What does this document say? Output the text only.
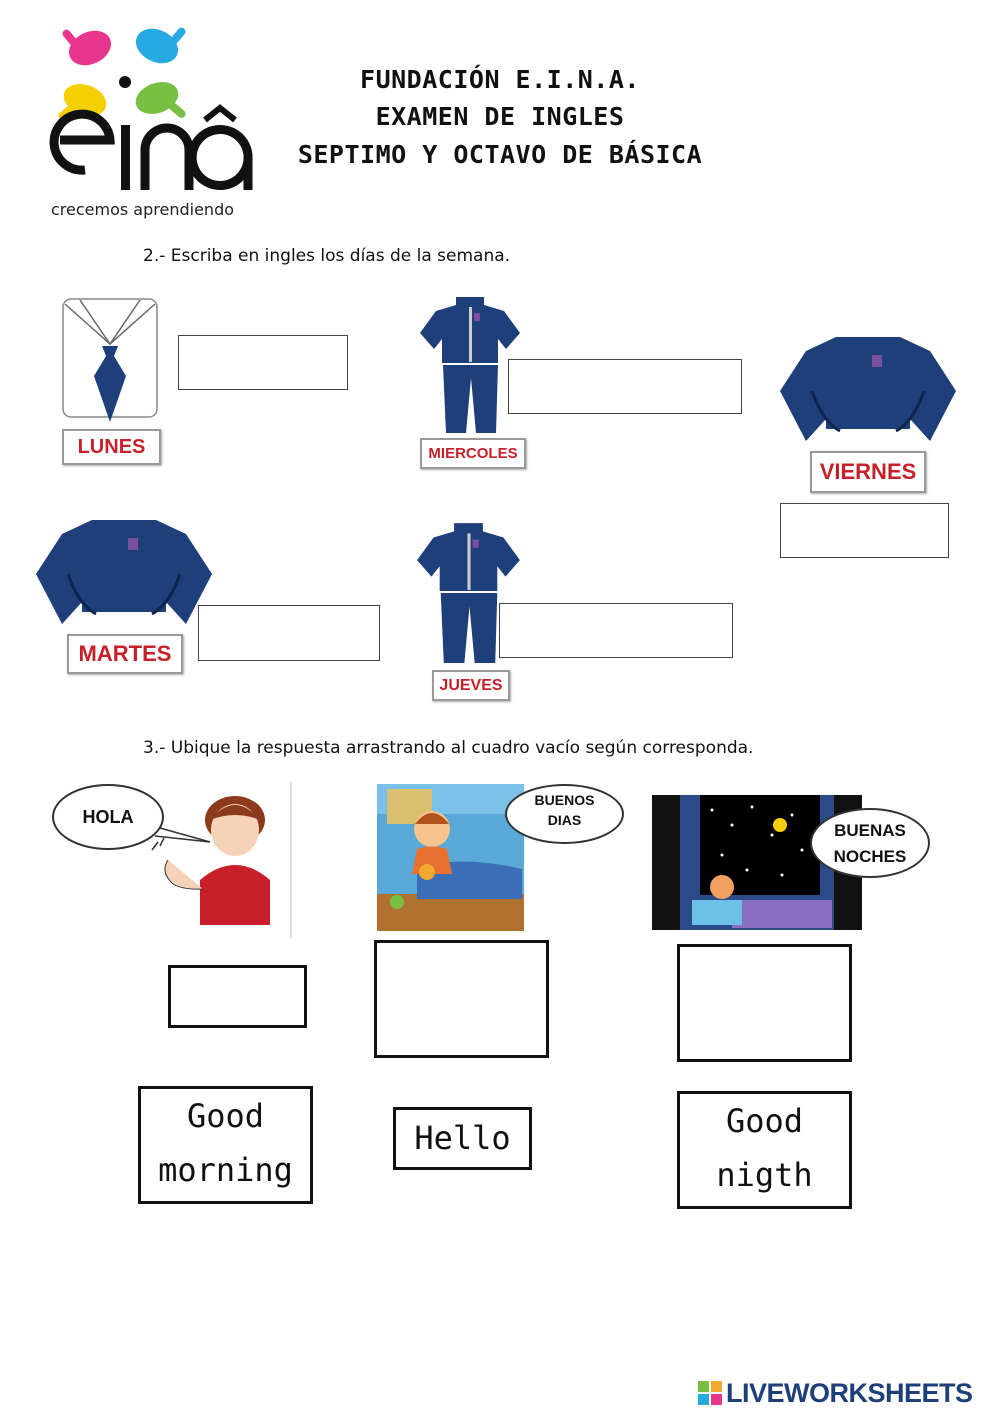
crecemos aprendiendo
FUNDACIÓN E.I.N.A.
EXAMEN DE INGLES
SEPTIMO Y OCTAVO DE BÁSICA
2.- Escriba en ingles los días de la semana.
LUNES	MIERCOLES
VIERNES
MARTES
JUEVES
3.- Ubique la respuesta arrastrando al cuadro vacío según corresponda.
HOLA
BUENOS
DIAS
BUENAS
NOCHES
Good
morning
Hello	Good
nigth
LIVEWORKSHEETS
